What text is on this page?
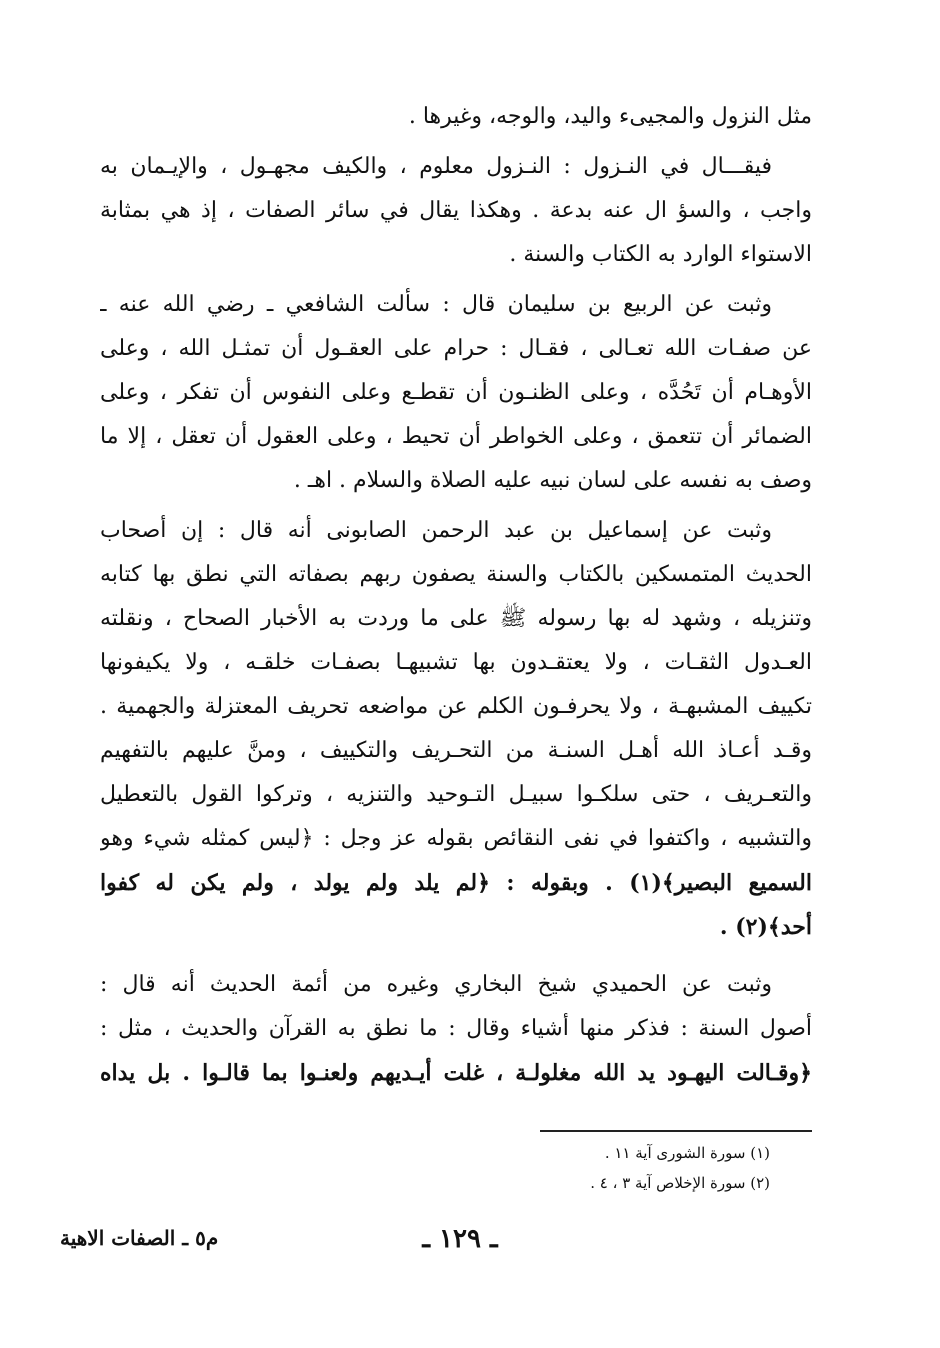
مثل النزول والمجيىء واليد، والوجه، وغيرها .
فيقـــال في النـزول : النـزول معلوم ، والكيف مجهـول ، والإيـمان به
واجب ، والسؤ ال عنه بدعة . وهكذا يقال في سائر الصفات ، إذ هي بمثابة
الاستواء الوارد به الكتاب والسنة .
وثبت عن الربيع بن سليمان قال : سألت الشافعي ـ رضي الله عنه ـ
عن صفـات الله تعـالى ، فقـال : حرام على العقـول أن تمثـل الله ، وعلى
الأوهـام أن تَحُدَّه ، وعلى الظنـون أن تقطـع وعلى النفوس أن تفكر ، وعلى
الضمائر أن تتعمق ، وعلى الخواطر أن تحيط ، وعلى العقول أن تعقل ، إلا ما
وصف به نفسه على لسان نبيه عليه الصلاة والسلام . اهـ .
وثبت عن إسماعيل بن عبد الرحمن الصابونى أنه قال : إن أصحاب
الحديث المتمسكين بالكتاب والسنة يصفون ربهم بصفاته التي نطق بها كتابه
وتنزيله ، وشهد له بها رسوله ﷺ على ما وردت به الأخبار الصحاح ، ونقلته
العـدول الثقـات ، ولا يعتقـدون بها تشبيهـا بصفـات خلقـه ، ولا يكيفونها
تكييف المشبهـة ، ولا يحرفـون الكلم عن مواضعه تحريف المعتزلة والجهمية .
وقـد أعـاذ الله أهـل السنـة من التحـريف والتكييف ، ومنَّ عليهم بالتفهيم
والتعـريف ، حتى سلكـوا سبيـل التـوحيد والتنزيه ، وتركوا القول بالتعطيل
والتشبيه ، واكتفوا في نفى النقائص بقوله عز وجل : ﴿ليس كمثله شيء وهو
السميع البصير﴾(١) . وبقوله : ﴿لم يلد ولم يولد ، ولم يكن له كفوا
أحد﴾(٢) .
وثبت عن الحميدي شيخ البخاري وغيره من أئمة الحديث أنه قال :
أصول السنة : فذكر منها أشياء وقال : ما نطق به القرآن والحديث ، مثل :
﴿وقـالت اليهـود يد الله مغلولـة ، غلت أيـديهم ولعنـوا بما قالـوا . بل يداه
(١) سورة الشورى آية ١١ .
(٢) سورة الإخلاص آية ٣ ، ٤ .
ـ ١٢٩ ـ
م٥ ـ الصفات الاهية
